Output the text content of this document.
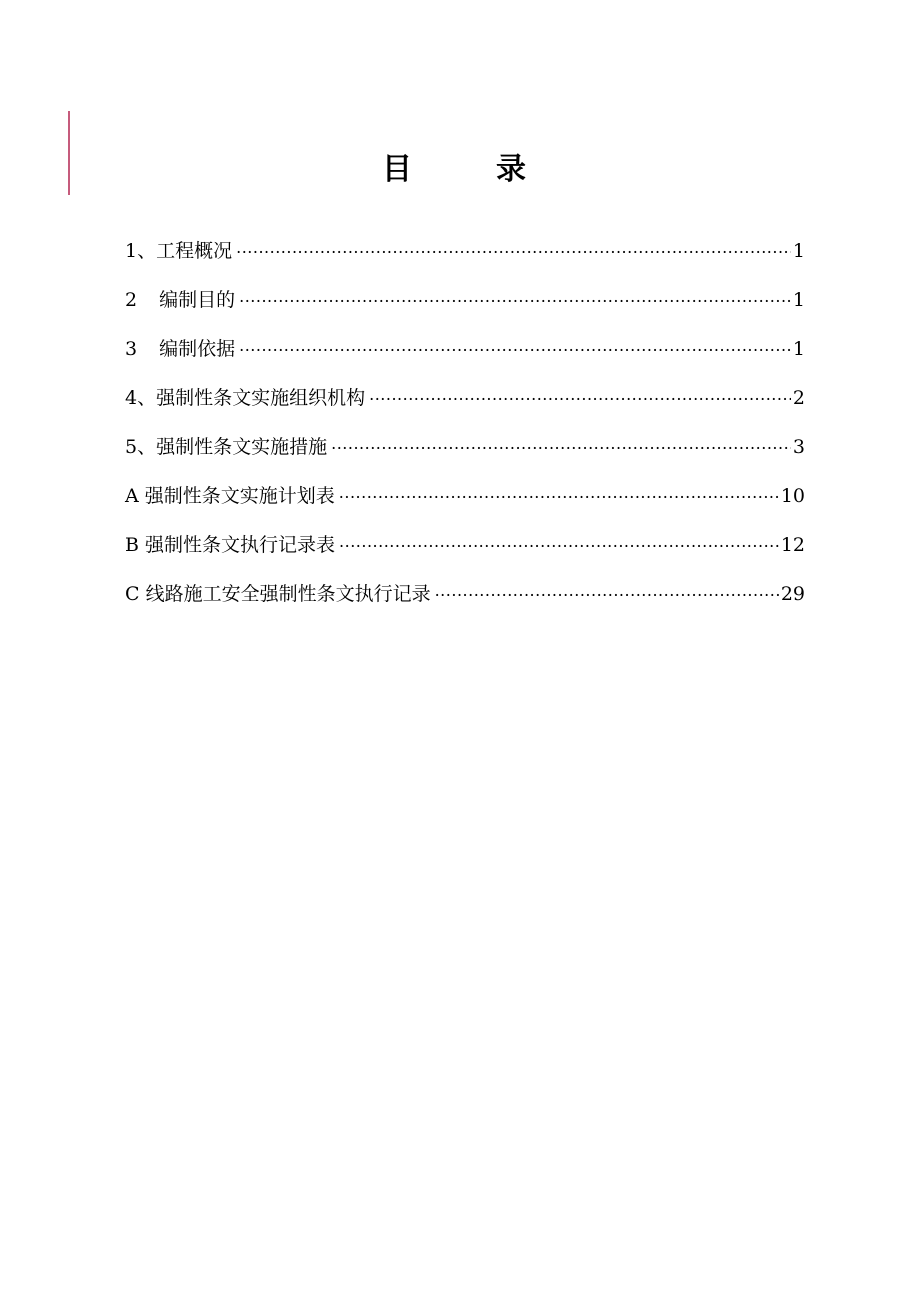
目　录
1、工程概况 .....	1
2 编制目的 .....	1
3 编制依据 .....	1
4、强制性条文实施组织机构 .....	2
5、强制性条文实施措施 .....	3
A 强制性条文实施计划表 .....	10
B 强制性条文执行记录表 .....	12
C 线路施工安全强制性条文执行记录 .....	29
